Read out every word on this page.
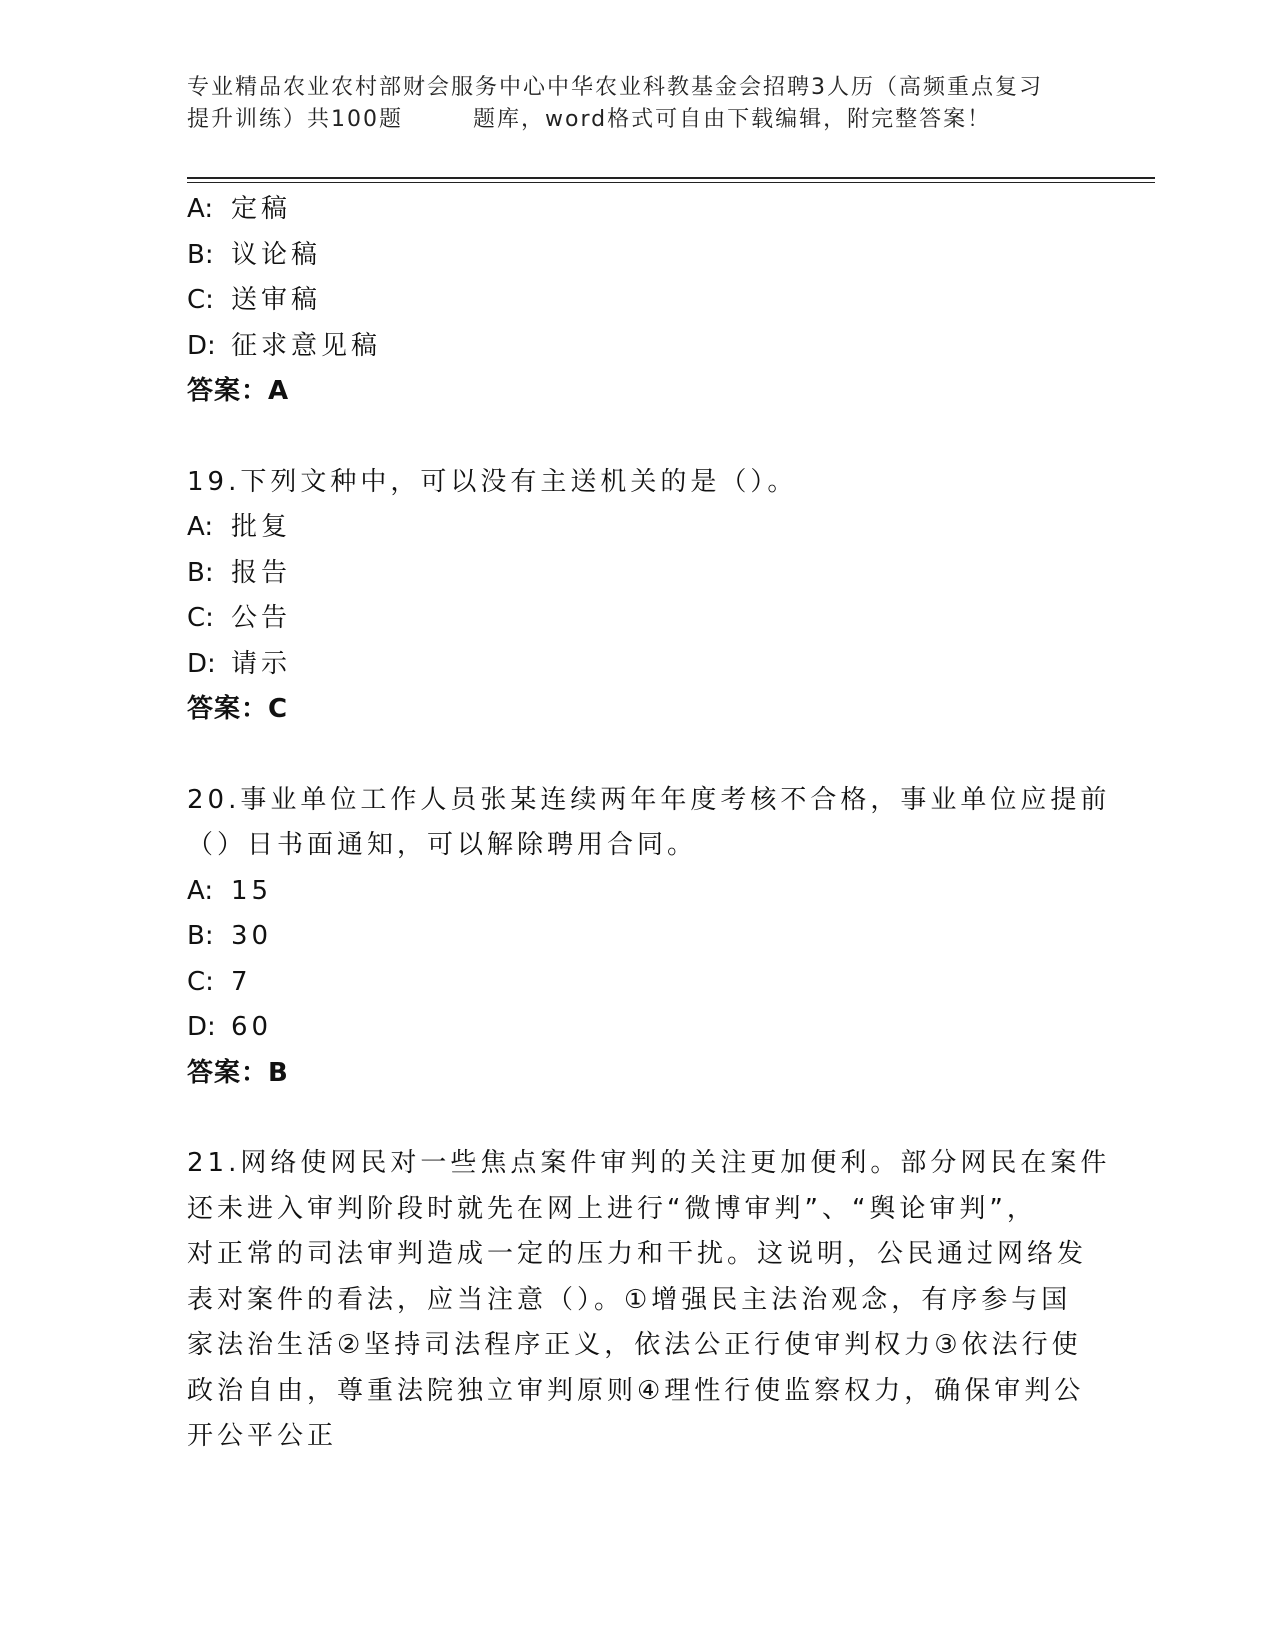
专业精品农业农村部财会服务中心中华农业科教基金会招聘3人历（高频重点复习
提升训练）共100题	题库，word格式可自由下载编辑，附完整答案！
A: 定稿
B: 议论稿
C: 送审稿
D: 征求意见稿
答案：A
19.下列文种中，可以没有主送机关的是（）。
A: 批复
B: 报告
C: 公告
D: 请示
答案：C
20.事业单位工作人员张某连续两年年度考核不合格，事业单位应提前
（）日书面通知，可以解除聘用合同。
A: 15
B: 30
C: 7
D: 60
答案：B
21.网络使网民对一些焦点案件审判的关注更加便利。部分网民在案件
还未进入审判阶段时就先在网上进行“微博审判”、“舆论审判”，
对正常的司法审判造成一定的压力和干扰。这说明，公民通过网络发
表对案件的看法，应当注意（）。①增强民主法治观念，有序参与国
家法治生活②坚持司法程序正义，依法公正行使审判权力③依法行使
政治自由，尊重法院独立审判原则④理性行使监察权力，确保审判公
开公平公正
